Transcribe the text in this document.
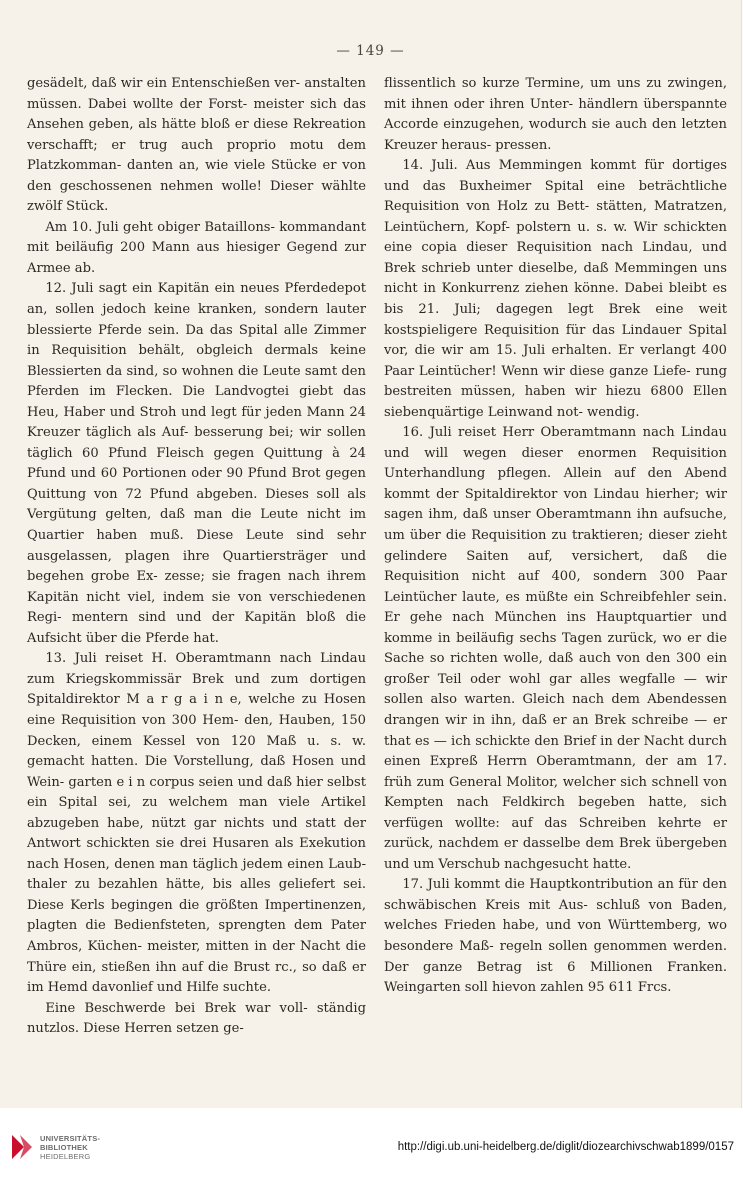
— 149 —

gesädelt, daß wir ein Entenschießen ver- anstalten müssen. Dabei wollte der Forst- meister sich das Ansehen geben, als hätte bloß er diese Rekreation verschafft; er trug auch proprio motu dem Platzkomman- danten an, wie viele Stücke er von den geschossenen nehmen wolle! Dieser wählte zwölf Stück.

Am 10. Juli geht obiger Bataillons- kommandant mit beiläufig 200 Mann aus hiesiger Gegend zur Armee ab.

12. Juli sagt ein Kapitän ein neues Pferdedepot an, sollen jedoch keine kranken, sondern lauter blessierte Pferde sein. Da das Spital alle Zimmer in Requisition behält, obgleich dermals keine Blessierten da sind, so wohnen die Leute samt den Pferden im Flecken. Die Landvogtei giebt das Heu, Haber und Stroh und legt für jeden Mann 24 Kreuzer täglich als Auf- besserung bei; wir sollen täglich 60 Pfund Fleisch gegen Quittung à 24 Pfund und 60 Portionen oder 90 Pfund Brot gegen Quittung von 72 Pfund abgeben. Dieses soll als Vergütung gelten, daß man die Leute nicht im Quartier haben muß. Diese Leute sind sehr ausgelassen, plagen ihre Quartiersträger und begehen grobe Ex- zesse; sie fragen nach ihrem Kapitän nicht viel, indem sie von verschiedenen Regi- mentern sind und der Kapitän bloß die Aufsicht über die Pferde hat.

13. Juli reiset H. Oberamtmann nach Lindau zum Kriegskommissär Brek und zum dortigen Spitaldirektor M a r g a i n e, welche zu Hosen eine Requisition von 300 Hem- den, Hauben, 150 Decken, einem Kessel von 120 Maß u. s. w. gemacht hatten. Die Vorstellung, daß Hosen und Wein- garten e i n corpus seien und daß hier selbst ein Spital sei, zu welchem man viele Artikel abzugeben habe, nützt gar nichts und statt der Antwort schickten sie drei Husaren als Exekution nach Hosen, denen man täglich jedem einen Laub- thaler zu bezahlen hätte, bis alles geliefert sei. Diese Kerls begingen die größten Impertinenzen, plagten die Bedienfsteten, sprengten dem Pater Ambros, Küchen- meister, mitten in der Nacht die Thüre ein, stießen ihn auf die Brust rc., so daß er im Hemd davonlief und Hilfe suchte.

Eine Beschwerde bei Brek war voll- ständig nutzlos. Diese Herren setzen ge-

flissentlich so kurze Termine, um uns zu zwingen, mit ihnen oder ihren Unter- händlern überspannte Accorde einzugehen, wodurch sie auch den letzten Kreuzer heraus- pressen.

14. Juli. Aus Memmingen kommt für dortiges und das Buxheimer Spital eine beträchtliche Requisition von Holz zu Bett- stätten, Matratzen, Leintüchern, Kopf- polstern u. s. w. Wir schickten eine copia dieser Requisition nach Lindau, und Brek schrieb unter dieselbe, daß Memmingen uns nicht in Konkurrenz ziehen könne. Dabei bleibt es bis 21. Juli; dagegen legt Brek eine weit kostspieligere Requisition für das Lindauer Spital vor, die wir am 15. Juli erhalten. Er verlangt 400 Paar Leintücher! Wenn wir diese ganze Liefe- rung bestreiten müssen, haben wir hiezu 6800 Ellen siebenquärtige Leinwand not- wendig.

16. Juli reiset Herr Oberamtmann nach Lindau und will wegen dieser enormen Requisition Unterhandlung pflegen. Allein auf den Abend kommt der Spitaldirektor von Lindau hierher; wir sagen ihm, daß unser Oberamtmann ihn aufsuche, um über die Requisition zu traktieren; dieser zieht gelindere Saiten auf, versichert, daß die Requisition nicht auf 400, sondern 300 Paar Leintücher laute, es müßte ein Schreibfehler sein. Er gehe nach München ins Hauptquartier und komme in beiläufig sechs Tagen zurück, wo er die Sache so richten wolle, daß auch von den 300 ein großer Teil oder wohl gar alles wegfalle — wir sollen also warten. Gleich nach dem Abendessen drangen wir in ihn, daß er an Brek schreibe — er that es — ich schickte den Brief in der Nacht durch einen Expreß Herrn Oberamtmann, der am 17. früh zum General Molitor, welcher sich schnell von Kempten nach Feldkirch begeben hatte, sich verfügen wollte: auf das Schreiben kehrte er zurück, nachdem er dasselbe dem Brek übergeben und um Verschub nachgesucht hatte.

17. Juli kommt die Hauptkontribution an für den schwäbischen Kreis mit Aus- schluß von Baden, welches Frieden habe, und von Württemberg, wo besondere Maß- regeln sollen genommen werden. Der ganze Betrag ist 6 Millionen Franken. Weingarten soll hievon zahlen 95 611 Frcs.

UNIVERSITÄTS-
BIBLIOTHEK
HEIDELBERG
http://digi.ub.uni-heidelberg.de/diglit/diozearchivschwab1899/0157
